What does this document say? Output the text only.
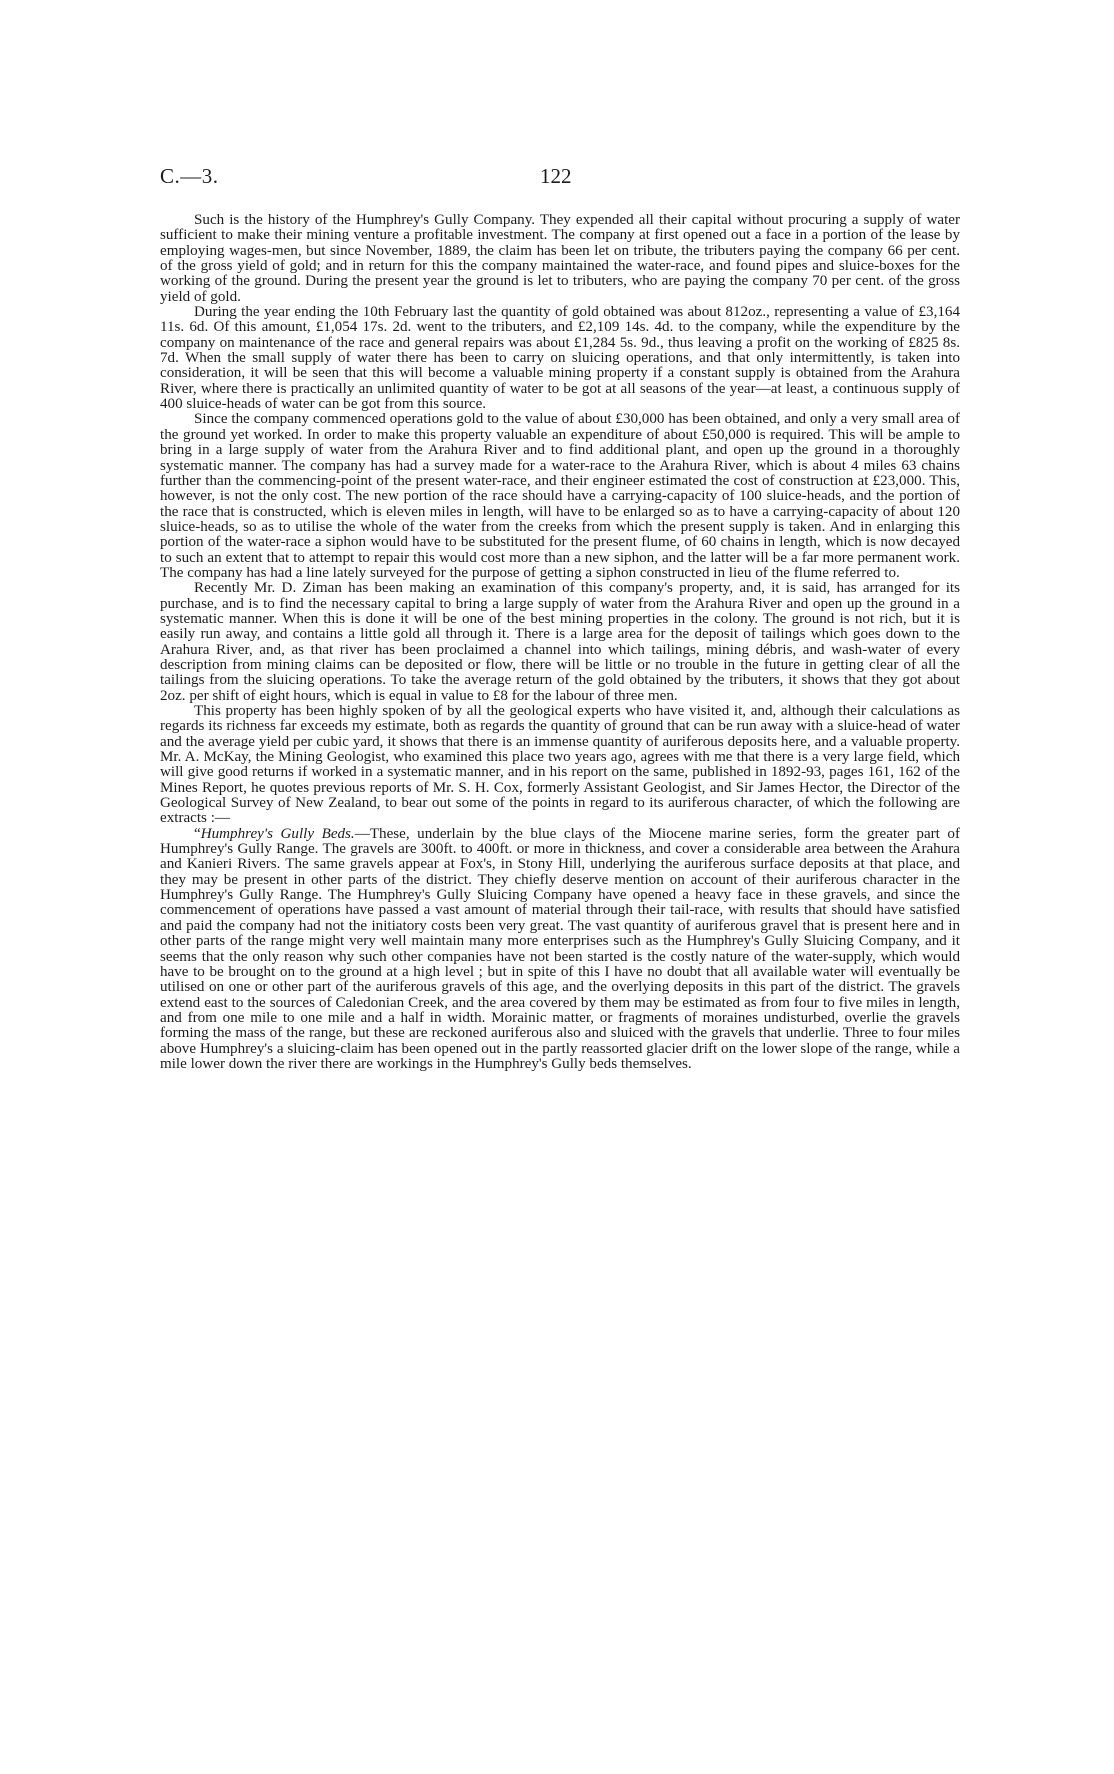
C.—3.	122

Such is the history of the Humphrey's Gully Company. They expended all their capital without procuring a supply of water sufficient to make their mining venture a profitable investment. The company at first opened out a face in a portion of the lease by employing wages-men, but since November, 1889, the claim has been let on tribute, the tributers paying the company 66 per cent. of the gross yield of gold; and in return for this the company maintained the water-race, and found pipes and sluice-boxes for the working of the ground. During the present year the ground is let to tributers, who are paying the company 70 per cent. of the gross yield of gold.

During the year ending the 10th February last the quantity of gold obtained was about 812oz., representing a value of £3,164 11s. 6d. Of this amount, £1,054 17s. 2d. went to the tributers, and £2,109 14s. 4d. to the company, while the expenditure by the company on maintenance of the race and general repairs was about £1,284 5s. 9d., thus leaving a profit on the working of £825 8s. 7d. When the small supply of water there has been to carry on sluicing operations, and that only intermittently, is taken into consideration, it will be seen that this will become a valuable mining property if a constant supply is obtained from the Arahura River, where there is practically an unlimited quantity of water to be got at all seasons of the year—at least, a continuous supply of 400 sluice-heads of water can be got from this source.

Since the company commenced operations gold to the value of about £30,000 has been obtained, and only a very small area of the ground yet worked. In order to make this property valuable an expenditure of about £50,000 is required. This will be ample to bring in a large supply of water from the Arahura River and to find additional plant, and open up the ground in a thoroughly systematic manner. The company has had a survey made for a water-race to the Arahura River, which is about 4 miles 63 chains further than the commencing-point of the present water-race, and their engineer estimated the cost of construction at £23,000. This, however, is not the only cost. The new portion of the race should have a carrying-capacity of 100 sluice-heads, and the portion of the race that is constructed, which is eleven miles in length, will have to be enlarged so as to have a carrying-capacity of about 120 sluice-heads, so as to utilise the whole of the water from the creeks from which the present supply is taken. And in enlarging this portion of the water-race a siphon would have to be substituted for the present flume, of 60 chains in length, which is now decayed to such an extent that to attempt to repair this would cost more than a new siphon, and the latter will be a far more permanent work. The company has had a line lately surveyed for the purpose of getting a siphon constructed in lieu of the flume referred to.

Recently Mr. D. Ziman has been making an examination of this company's property, and, it is said, has arranged for its purchase, and is to find the necessary capital to bring a large supply of water from the Arahura River and open up the ground in a systematic manner. When this is done it will be one of the best mining properties in the colony. The ground is not rich, but it is easily run away, and contains a little gold all through it. There is a large area for the deposit of tailings which goes down to the Arahura River, and, as that river has been proclaimed a channel into which tailings, mining débris, and wash-water of every description from mining claims can be deposited or flow, there will be little or no trouble in the future in getting clear of all the tailings from the sluicing operations. To take the average return of the gold obtained by the tributers, it shows that they got about 2oz. per shift of eight hours, which is equal in value to £8 for the labour of three men.

This property has been highly spoken of by all the geological experts who have visited it, and, although their calculations as regards its richness far exceeds my estimate, both as regards the quantity of ground that can be run away with a sluice-head of water and the average yield per cubic yard, it shows that there is an immense quantity of auriferous deposits here, and a valuable property. Mr. A. McKay, the Mining Geologist, who examined this place two years ago, agrees with me that there is a very large field, which will give good returns if worked in a systematic manner, and in his report on the same, published in 1892-93, pages 161, 162 of the Mines Report, he quotes previous reports of Mr. S. H. Cox, formerly Assistant Geologist, and Sir James Hector, the Director of the Geological Survey of New Zealand, to bear out some of the points in regard to its auriferous character, of which the following are extracts :—

“Humphrey's Gully Beds.—These, underlain by the blue clays of the Miocene marine series, form the greater part of Humphrey's Gully Range. The gravels are 300ft. to 400ft. or more in thickness, and cover a considerable area between the Arahura and Kanieri Rivers. The same gravels appear at Fox's, in Stony Hill, underlying the auriferous surface deposits at that place, and they may be present in other parts of the district. They chiefly deserve mention on account of their auriferous character in the Humphrey's Gully Range. The Humphrey's Gully Sluicing Company have opened a heavy face in these gravels, and since the commencement of operations have passed a vast amount of material through their tail-race, with results that should have satisfied and paid the company had not the initiatory costs been very great. The vast quantity of auriferous gravel that is present here and in other parts of the range might very well maintain many more enterprises such as the Humphrey's Gully Sluicing Company, and it seems that the only reason why such other companies have not been started is the costly nature of the water-supply, which would have to be brought on to the ground at a high level ; but in spite of this I have no doubt that all available water will eventually be utilised on one or other part of the auriferous gravels of this age, and the overlying deposits in this part of the district. The gravels extend east to the sources of Caledonian Creek, and the area covered by them may be estimated as from four to five miles in length, and from one mile to one mile and a half in width. Morainic matter, or fragments of moraines undisturbed, overlie the gravels forming the mass of the range, but these are reckoned auriferous also and sluiced with the gravels that underlie. Three to four miles above Humphrey's a sluicing-claim has been opened out in the partly reassorted glacier drift on the lower slope of the range, while a mile lower down the river there are workings in the Humphrey's Gully beds themselves.
